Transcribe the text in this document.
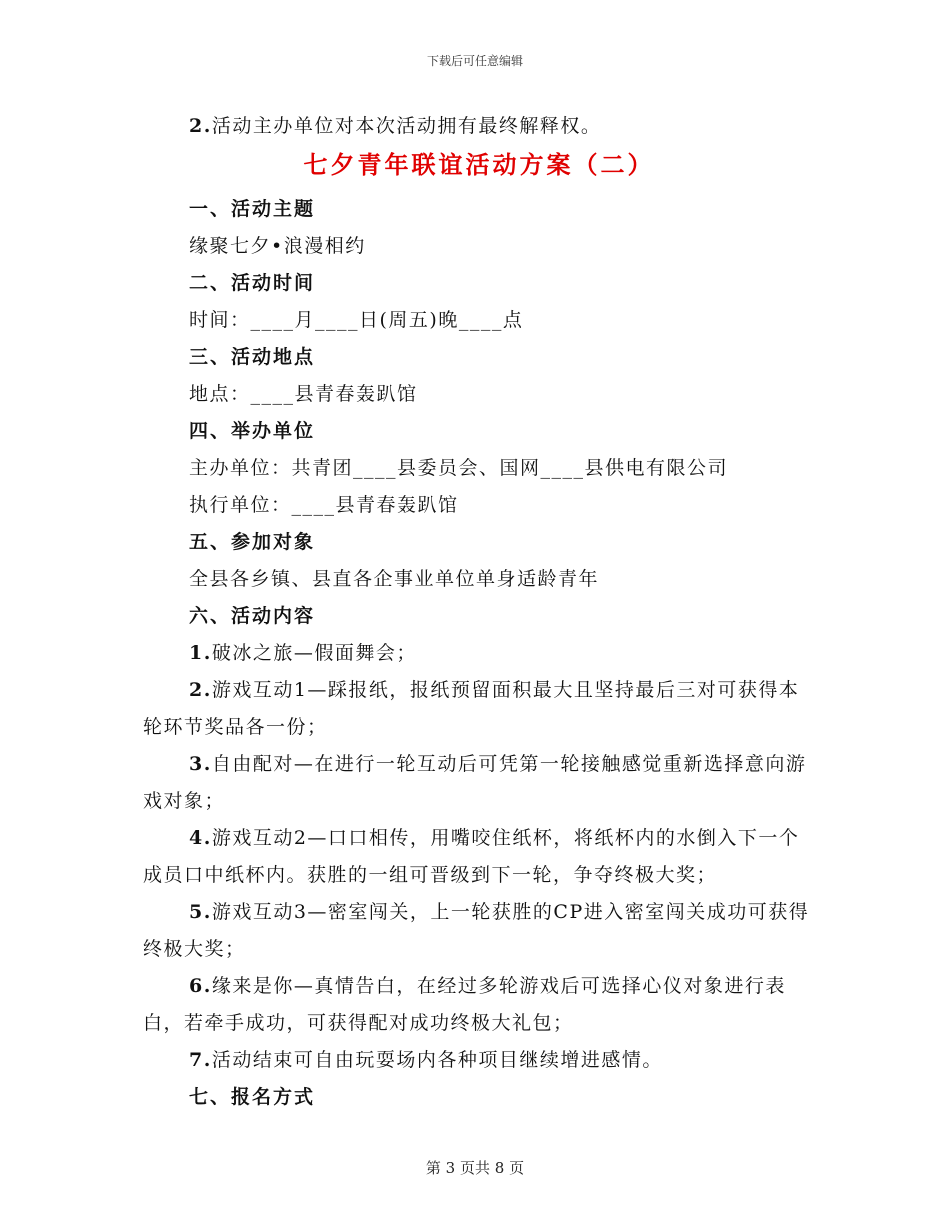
下载后可任意编辑

2.活动主办单位对本次活动拥有最终解释权。

七夕青年联谊活动方案（二）

一、活动主题

缘聚七夕•浪漫相约

二、活动时间

时间：____月____日(周五)晚____点

三、活动地点

地点：____县青春轰趴馆

四、举办单位

主办单位：共青团____县委员会、国网____县供电有限公司

执行单位：____县青春轰趴馆

五、参加对象

全县各乡镇、县直各企事业单位单身适龄青年

六、活动内容

1.破冰之旅—假面舞会；

2.游戏互动1—踩报纸，报纸预留面积最大且坚持最后三对可获得本轮环节奖品各一份；

3.自由配对—在进行一轮互动后可凭第一轮接触感觉重新选择意向游戏对象；

4.游戏互动2—口口相传，用嘴咬住纸杯，将纸杯内的水倒入下一个成员口中纸杯内。获胜的一组可晋级到下一轮，争夺终极大奖；

5.游戏互动3—密室闯关，上一轮获胜的CP进入密室闯关成功可获得终极大奖；

6.缘来是你—真情告白，在经过多轮游戏后可选择心仪对象进行表白，若牵手成功，可获得配对成功终极大礼包；

7.活动结束可自由玩耍场内各种项目继续增进感情。

七、报名方式

第 3 页共 8 页
